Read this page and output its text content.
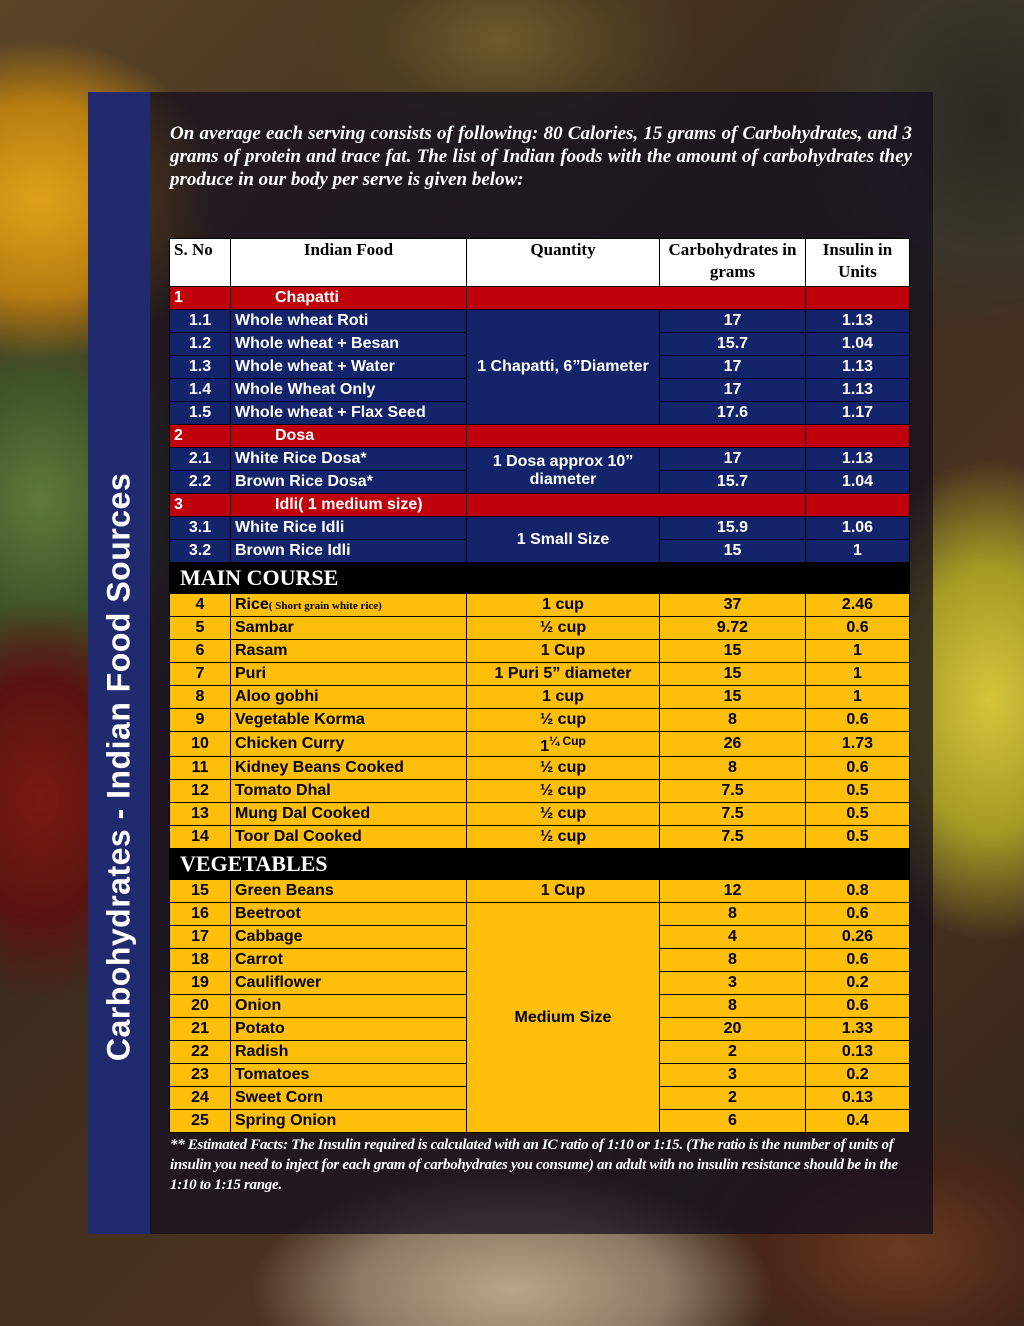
Carbohydrates - Indian Food Sources
On average each serving consists of following: 80 Calories, 15 grams of Carbohydrates, and 3 grams of protein and trace fat. The list of Indian foods with the amount of carbohydrates they produce in our body per serve is given below:
S. No	Indian Food	Quantity	Carbohydrates in grams	Insulin in Units
1	Chapatti			
1.1	Whole wheat Roti	1 Chapatti, 6”Diameter	17	1.13
1.2	Whole wheat + Besan		15.7	1.04
1.3	Whole wheat + Water		17	1.13
1.4	Whole Wheat Only		17	1.13
1.5	Whole wheat + Flax Seed		17.6	1.17
2	Dosa			
2.1	White Rice Dosa*	1 Dosa approx 10” diameter	17	1.13
2.2	Brown Rice Dosa*		15.7	1.04
3	Idli( 1 medium size)			
3.1	White Rice Idli	1 Small Size	15.9	1.06
3.2	Brown Rice Idli		15	1
MAIN COURSE				
4	Rice( Short grain white rice)	1 cup	37	2.46
5	Sambar	½ cup	9.72	0.6
6	Rasam	1 Cup	15	1
7	Puri	1 Puri 5” diameter	15	1
8	Aloo gobhi	1 cup	15	1
9	Vegetable Korma	½ cup	8	0.6
10	Chicken Curry	$1^{\frac{1}{4} Cup}$	26	1.73
11	Kidney Beans Cooked	½ cup	8	0.6
12	Tomato Dhal	½ cup	7.5	0.5
13	Mung Dal Cooked	½ cup	7.5	0.5
14	Toor Dal Cooked	½ cup	7.5	0.5
VEGETABLES				
15	Green Beans	1 Cup	12	0.8
16	Beetroot	Medium Size	8	0.6
17	Cabbage		4	0.26
18	Carrot		8	0.6
19	Cauliflower		3	0.2
20	Onion		8	0.6
21	Potato		20	1.33
22	Radish		2	0.13
23	Tomatoes		3	0.2
24	Sweet Corn		2	0.13
25	Spring Onion		6	0.4
** Estimated Facts: The Insulin required is calculated with an IC ratio of 1:10 or 1:15. (The ratio is the number of units of insulin you need to inject for each gram of carbohydrates you consume) an adult with no insulin resistance should be in the 1:10 to 1:15 range.
